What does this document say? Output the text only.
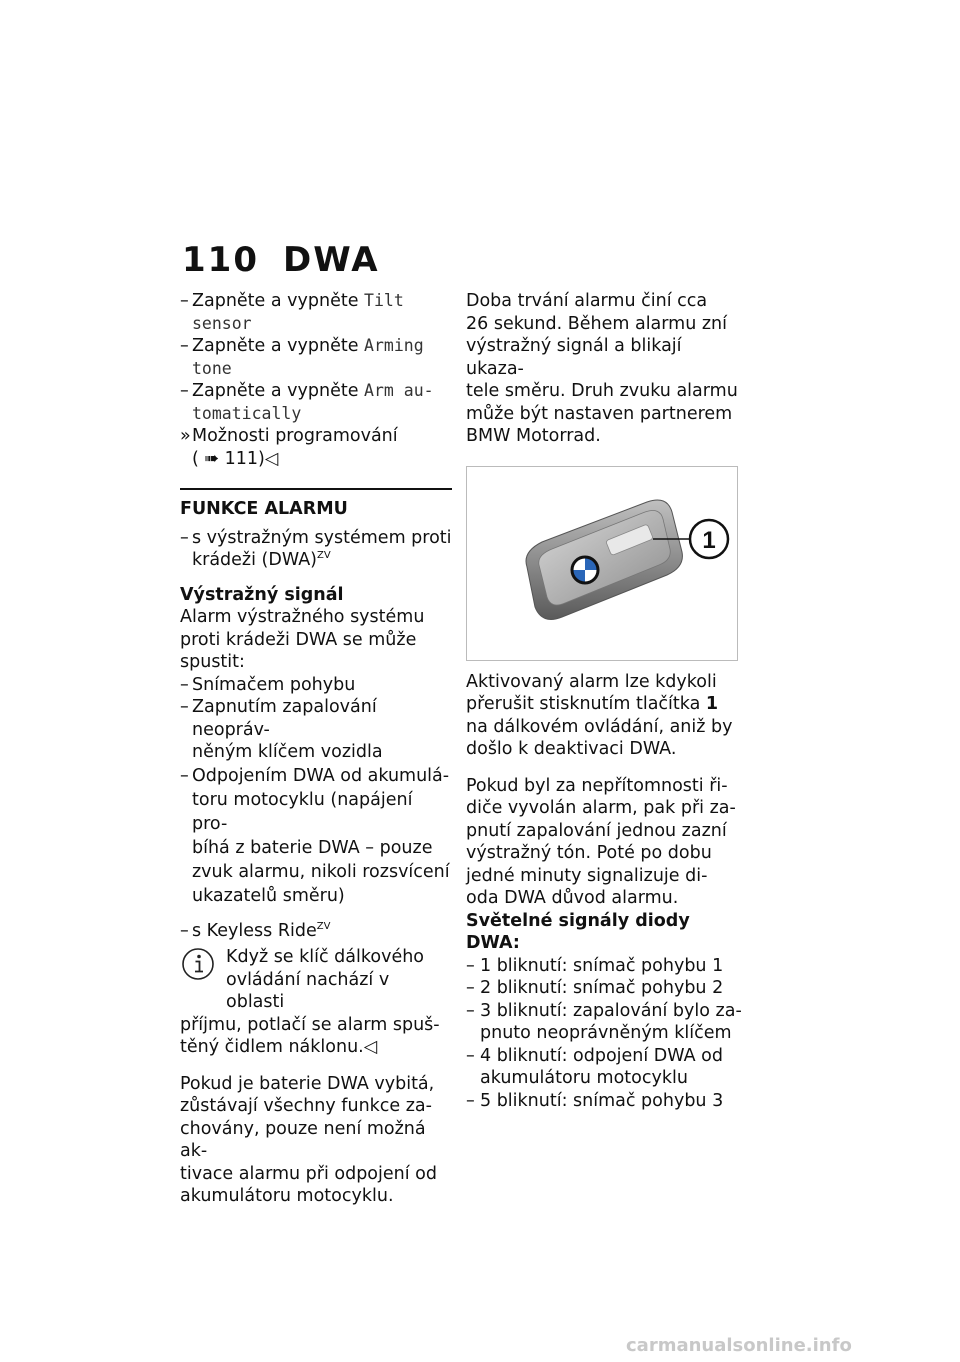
110 DWA
– Zapněte a vypněte Tilt
sensor
– Zapněte a vypněte Arming
tone
– Zapněte a vypněte Arm au-
tomatically
» Možnosti programování
( ➠ 111)◁
FUNKCE ALARMU
– s výstražným systémem proti
krádeži (DWA)$^{ZV}$
Výstražný signál
Alarm výstražného systému
proti krádeži DWA se může
spustit:
– Snímačem pohybu
– Zapnutím zapalování neopráv-
něným klíčem vozidla
– Odpojením DWA od akumulá-
toru motocyklu (napájení pro-
bíhá z baterie DWA – pouze
zvuk alarmu, nikoli rozsvícení
ukazatelů směru)
– s Keyless Ride$^{ZV}$
Když se klíč dálkového
ovládání nachází v oblasti
příjmu, potlačí se alarm spuš-
těný čidlem náklonu.◁
Pokud je baterie DWA vybitá,
zůstávají všechny funkce za-
chovány, pouze není možná ak-
tivace alarmu při odpojení od
akumulátoru motocyklu.
Doba trvání alarmu činí cca
26 sekund. Během alarmu zní
výstražný signál a blikají ukaza-
tele směru. Druh zvuku alarmu
může být nastaven partnerem
BMW Motorrad.
1
Aktivovaný alarm lze kdykoli
přerušit stisknutím tlačítka 1
na dálkovém ovládání, aniž by
došlo k deaktivaci DWA.
Pokud byl za nepřítomnosti ři-
diče vyvolán alarm, pak při za-
pnutí zapalování jednou zazní
výstražný tón. Poté po dobu
jedné minuty signalizuje di-
oda DWA důvod alarmu.
Světelné signály diody DWA:
– 1 bliknutí: snímač pohybu 1
– 2 bliknutí: snímač pohybu 2
– 3 bliknutí: zapalování bylo za-
pnuto neoprávněným klíčem
– 4 bliknutí: odpojení DWA od
akumulátoru motocyklu
– 5 bliknutí: snímač pohybu 3
carmanualsonline.info
